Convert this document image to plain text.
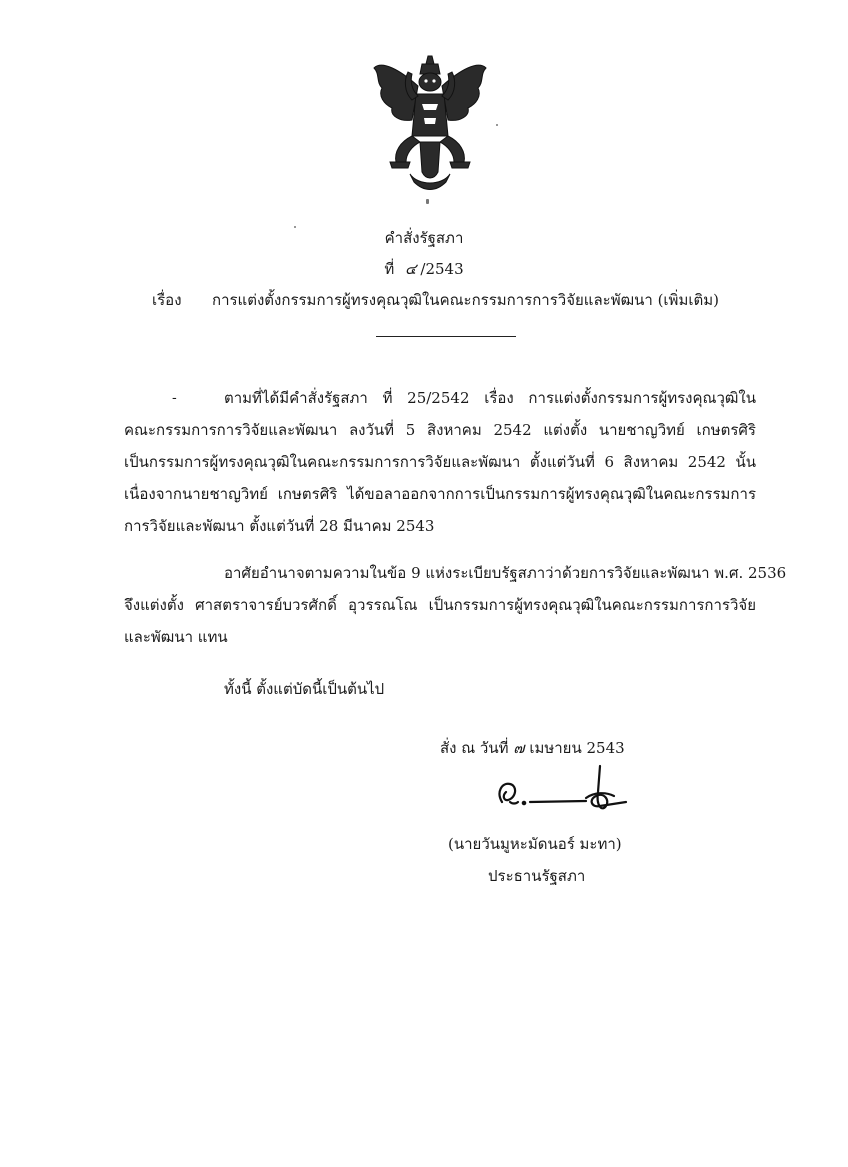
คำสั่งรัฐสภา
ที่ ๔ /2543
เรื่อง การแต่งตั้งกรรมการผู้ทรงคุณวุฒิในคณะกรรมการการวิจัยและพัฒนา (เพิ่มเติม)
-	ตามที่ได้มีคำสั่งรัฐสภา ที่ 25/2542 เรื่อง การแต่งตั้งกรรมการผู้ทรงคุณวุฒิใน
คณะกรรมการการวิจัยและพัฒนา ลงวันที่ 5 สิงหาคม 2542 แต่งตั้ง นายชาญวิทย์ เกษตรศิริ
เป็นกรรมการผู้ทรงคุณวุฒิในคณะกรรมการการวิจัยและพัฒนา ตั้งแต่วันที่ 6 สิงหาคม 2542 นั้น
เนื่องจากนายชาญวิทย์ เกษตรศิริ ได้ขอลาออกจากการเป็นกรรมการผู้ทรงคุณวุฒิในคณะกรรมการ
การวิจัยและพัฒนา ตั้งแต่วันที่ 28 มีนาคม 2543
อาศัยอำนาจตามความในข้อ 9 แห่งระเบียบรัฐสภาว่าด้วยการวิจัยและพัฒนา พ.ศ. 2536
จึงแต่งตั้ง ศาสตราจารย์บวรศักดิ์ อุวรรณโณ เป็นกรรมการผู้ทรงคุณวุฒิในคณะกรรมการการวิจัย
และพัฒนา แทน
ทั้งนี้ ตั้งแต่บัดนี้เป็นต้นไป
สั่ง ณ วันที่ ๗ เมษายน 2543
(นายวันมูหะมัดนอร์ มะทา)
ประธานรัฐสภา
